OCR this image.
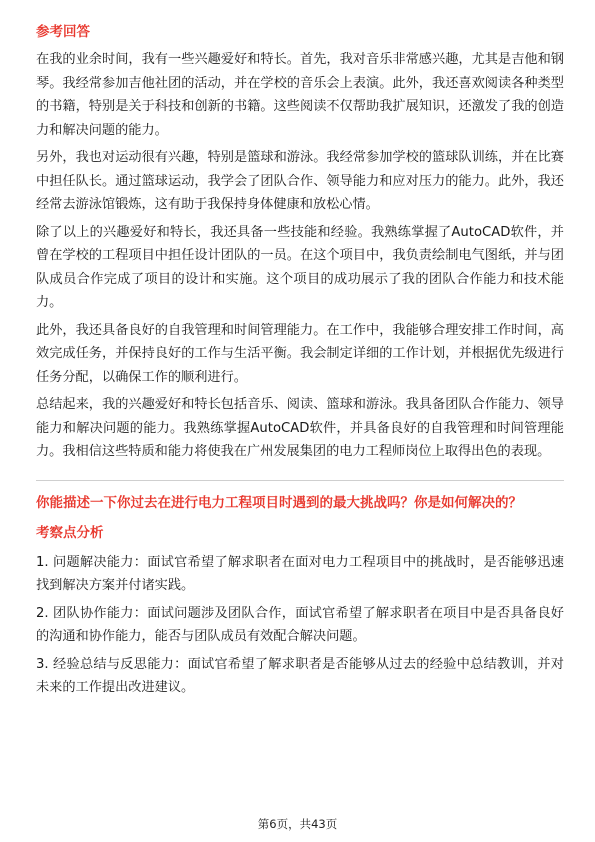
参考回答

在我的业余时间，我有一些兴趣爱好和特长。首先，我对音乐非常感兴趣，尤其是吉他和钢琴。我经常参加吉他社团的活动，并在学校的音乐会上表演。此外，我还喜欢阅读各种类型的书籍，特别是关于科技和创新的书籍。这些阅读不仅帮助我扩展知识，还激发了我的创造力和解决问题的能力。

另外，我也对运动很有兴趣，特别是篮球和游泳。我经常参加学校的篮球队训练，并在比赛中担任队长。通过篮球运动，我学会了团队合作、领导能力和应对压力的能力。此外，我还经常去游泳馆锻炼，这有助于我保持身体健康和放松心情。

除了以上的兴趣爱好和特长，我还具备一些技能和经验。我熟练掌握了AutoCAD软件，并曾在学校的工程项目中担任设计团队的一员。在这个项目中，我负责绘制电气图纸，并与团队成员合作完成了项目的设计和实施。这个项目的成功展示了我的团队合作能力和技术能力。

此外，我还具备良好的自我管理和时间管理能力。在工作中，我能够合理安排工作时间，高效完成任务，并保持良好的工作与生活平衡。我会制定详细的工作计划，并根据优先级进行任务分配，以确保工作的顺利进行。

总结起来，我的兴趣爱好和特长包括音乐、阅读、篮球和游泳。我具备团队合作能力、领导能力和解决问题的能力。我熟练掌握AutoCAD软件，并具备良好的自我管理和时间管理能力。我相信这些特质和能力将使我在广州发展集团的电力工程师岗位上取得出色的表现。

你能描述一下你过去在进行电力工程项目时遇到的最大挑战吗？你是如何解决的？
考察点分析

1. 问题解决能力：面试官希望了解求职者在面对电力工程项目中的挑战时，是否能够迅速找到解决方案并付诸实践。

2. 团队协作能力：面试问题涉及团队合作，面试官希望了解求职者在项目中是否具备良好的沟通和协作能力，能否与团队成员有效配合解决问题。

3. 经验总结与反思能力：面试官希望了解求职者是否能够从过去的经验中总结教训，并对未来的工作提出改进建议。

第6页，共43页
